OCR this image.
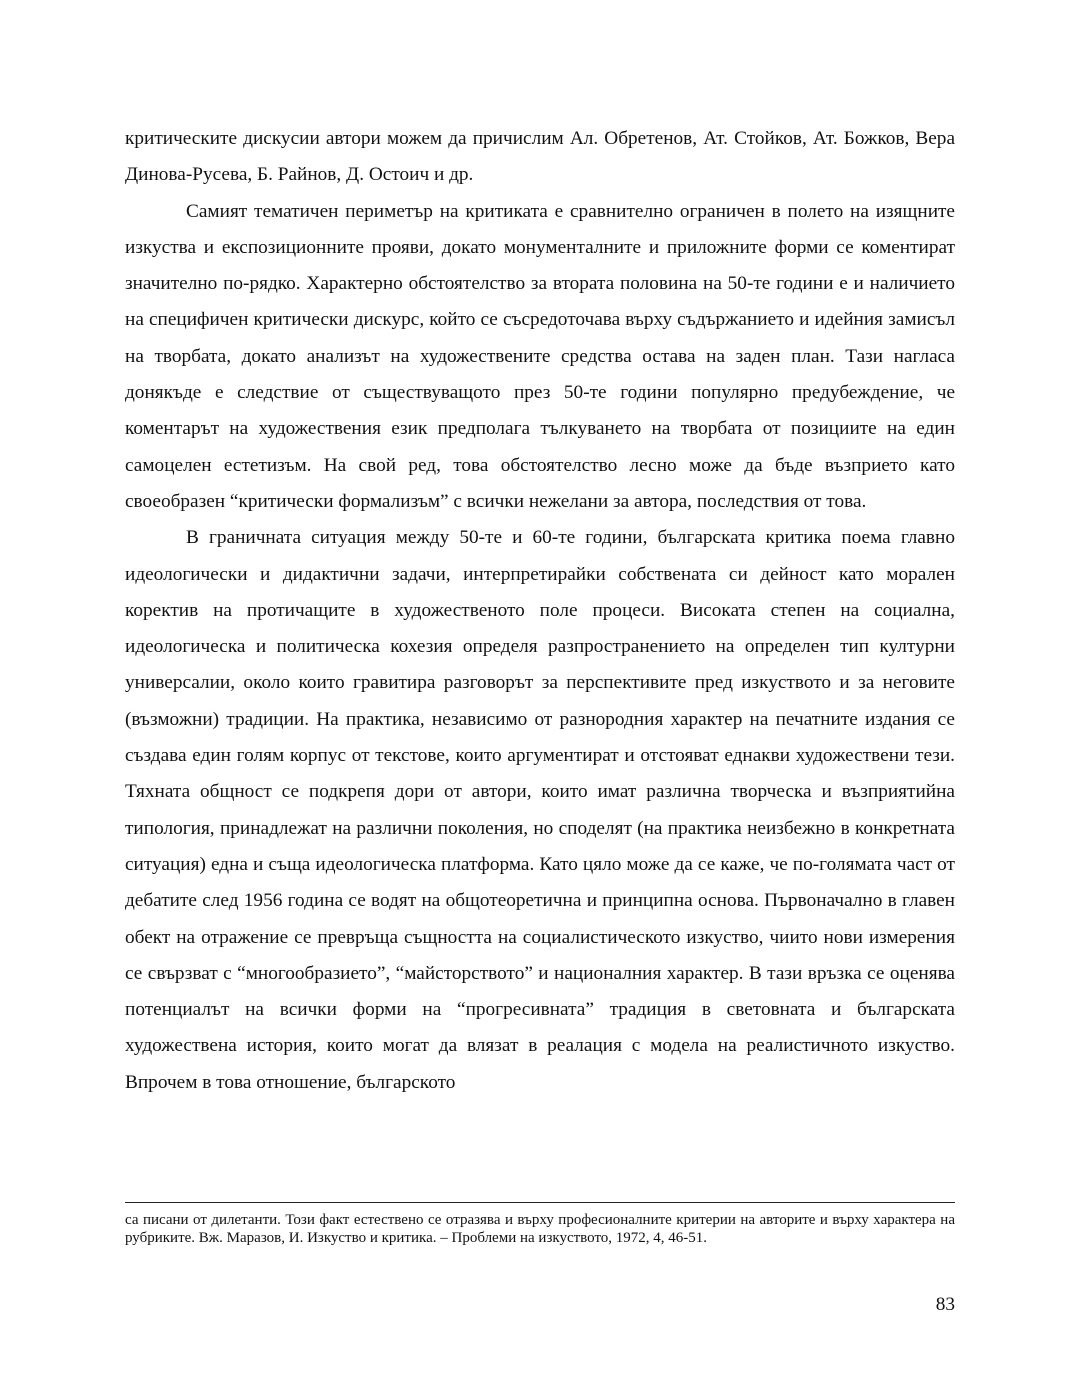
критическите дискусии автори можем да причислим Ал. Обретенов, Ат. Стойков, Ат. Божков, Вера Динова-Русева, Б. Райнов, Д. Остоич и др.

Самият тематичен периметър на критиката е сравнително ограничен в полето на изящните изкуства и експозиционните прояви, докато монументалните и приложните форми се коментират значително по-рядко. Характерно обстоятелство за втората половина на 50-те години е и наличието на специфичен критически дискурс, който се съсредоточава върху съдържанието и идейния замисъл на творбата, докато анализът на художествените средства остава на заден план. Тази нагласа донякъде е следствие от съществуващото през 50-те години популярно предубеждение, че коментарът на художествения език предполага тълкуването на творбата от позициите на един самоцелен естетизъм. На свой ред, това обстоятелство лесно може да бъде възприето като своеобразен “критически формализъм” с всички нежелани за автора, последствия от това.

В граничната ситуация между 50-те и 60-те години, българската критика поема главно идеологически и дидактични задачи, интерпретирайки собствената си дейност като морален коректив на протичащите в художественото поле процеси. Високата степен на социална, идеологическа и политическа кохезия определя разпространението на определен тип културни универсалии, около които гравитира разговорът за перспективите пред изкуството и за неговите (възможни) традиции. На практика, независимо от разнородния характер на печатните издания се създава един голям корпус от текстове, които аргументират и отстояват еднакви художествени тези. Тяхната общност се подкрепя дори от автори, които имат различна творческа и възприятийна типология, принадлежат на различни поколения, но споделят (на практика неизбежно в конкретната ситуация) една и съща идеологическа платформа. Като цяло може да се каже, че по-голямата част от дебатите след 1956 година се водят на общотеоретична и принципна основа. Първоначално в главен обект на отражение се превръща същността на социалистическото изкуство, чиито нови измерения се свързват с “многообразието”, “майсторството” и националния характер. В тази връзка се оценява потенциалът на всички форми на “прогресивната” традиция в световната и българската художествена история, които могат да влязат в реалация с модела на реалистичното изкуство. Впрочем в това отношение, българското

са писани от дилетанти. Този факт естествено се отразява и върху професионалните критерии на авторите и върху характера на рубриките. Вж. Маразов, И. Изкуство и критика. – Проблеми на изкуството, 1972, 4, 46-51.
83
